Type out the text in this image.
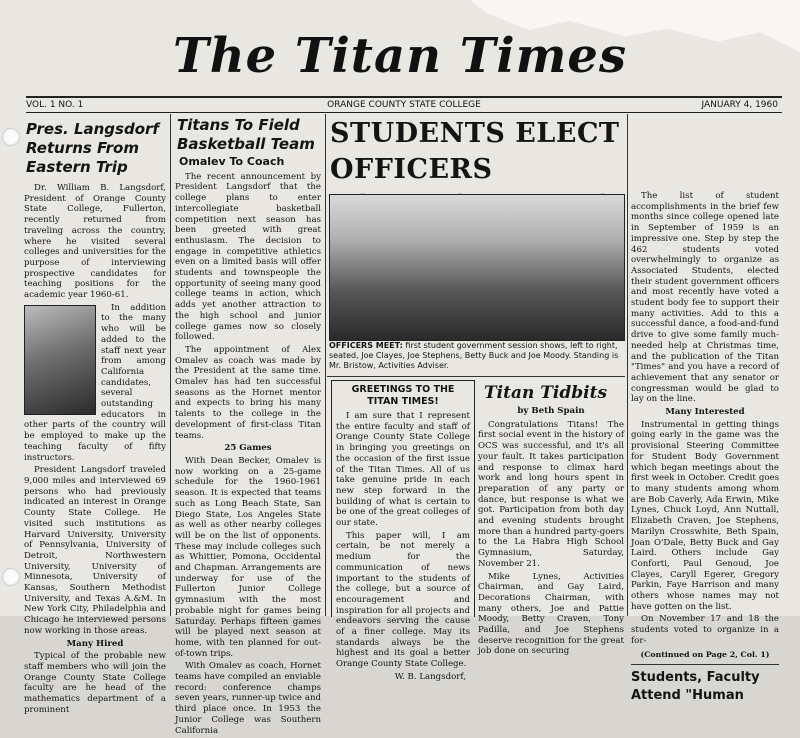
The Titan Times
VOL. 1 NO. 1	ORANGE COUNTY STATE COLLEGE	JANUARY 4, 1960
Pres. Langsdorf Returns From Eastern Trip

Dr. William B. Langsdorf, President of Orange County State College, Fullerton, recently returned from traveling across the country, where he visited several colleges and universities for the purpose of interviewing prospective candidates for teaching positions for the academic year 1960-61.

In addition to the many who will be added to the staff next year from among California candidates, several outstanding educators in other parts of the country will be employed to make up the teaching faculty of fifty instructors.

President Langsdorf traveled 9,000 miles and interviewed 69 persons who had previously indicated an interest in Orange County State College. He visited such institutions as Harvard University, University of Pennsylvania, University of Detroit, Northwestern University, University of Minnesota, University of Kansas, Southern Methodist University, and Texas A.&M. In New York City, Philadelphia and Chicago he interviewed persons now working in those areas.

Many Hired

Typical of the probable new staff members who will join the Orange County State College faculty are he head of the mathematics department of a prominent

Titans To Field Basketball Team
Omalev To Coach

The recent announcement by President Langsdorf that the college plans to enter intercollegiate basketball competition next season has been greeted with great enthusiasm. The decision to engage in competitive athletics even on a limited basis will offer students and townspeople the opportunity of seeing many good college teams in action, which adds yet another attraction to the high school and junior college games now so closely followed.

The appointment of Alex Omalev as coach was made by the President at the same time. Omalev has had ten successful seasons as the Hornet mentor and expects to bring his many talents to the college in the development of first-class Titan teams.

25 Games

With Dean Becker, Omalev is now working on a 25-game schedule for the 1960-1961 season. It is expected that teams such as Long Beach State, San Diego State, Los Angeles State as well as other nearby colleges will be on the list of opponents. These may include colleges such as Whittier, Pomona, Occidental and Chapman. Arrangements are underway for use of the Fullerton Junior College gymnasium with the most probable night for games being Saturday. Perhaps fifteen games will be played next season at home, with ten planned for out-of-town trips.

With Omalev as coach, Hornet teams have compiled an enviable record: conference champs seven years, runner-up twice and third place once. In 1953 the Junior College was Southern California

STUDENTS ELECT OFFICERS
OFFICERS MEET: first student government session shows, left to right, seated, Joe Clayes, Joe Stephens, Betty Buck and Joe Moody. Standing is Mr. Bristow, Activities Adviser.
GREETINGS TO THE TITAN TIMES!

I am sure that I represent the entire faculty and staff of Orange County State College in bringing you greetings on the occasion of the first issue of the Titan Times. All of us take genuine pride in each new step forward in the building of what is certain to be one of the great colleges of our state.

This paper will, I am certain, be not merely a medium for the communication of news important to the students of the college, but a source of encouragement and inspiration for all projects and endeavors serving the cause of a finer college. May its standards always be the highest and its goal a better Orange County State College.

W. B. Langsdorf,
Titan Tidbits
by Beth Spain

Congratulations Titans! The first social event in the history of OCS was successful, and it's all your fault. It takes participation and response to climax hard work and long hours spent in preparation of any party or dance, but response is what we got. Participation from both day and evening students brought more than a hundred party-goers to the La Habra High School Gymnasium, Saturday, November 21.

Mike Lynes, Activities Chairman, and Gay Laird, Decorations Chairman, with many others, Joe and Pattie Moody, Betty Craven, Tony Padilla, and Joe Stephens deserve recognition for the great job done on securing

The list of student accomplishments in the brief few months since college opened late in September of 1959 is an impressive one. Step by step the 462 students voted overwhelmingly to organize as Associated Students, elected their student government officers and most recently have voted a student body fee to support their many activities. Add to this a successful dance, a food-and-fund drive to give some family much-needed help at Christmas time, and the publication of the Titan "Times" and you have a record of achievement that any senator or congressman would be glad to lay on the line.

Many Interested

Instrumental in getting things going early in the game was the provisional Steering Committee for Student Body Government which began meetings about the first week in October. Credit goes to many students among whom are Bob Caverly, Ada Erwin, Mike Lynes, Chuck Loyd, Ann Nuttall, Elizabeth Craven, Joe Stephens, Marilyn Crosswhite, Beth Spain, Joan O'Dale, Betty Buck and Gay Laird. Others include Gay Conforti, Paul Genoud, Joe Clayes, Caryll Egerer, Gregory Parkin, Faye Harrison and many others whose names may not have gotten on the list.

On November 17 and 18 the students voted to organize in a for-

(Continued on Page 2, Col. 1)

Students, Faculty Attend "Human
